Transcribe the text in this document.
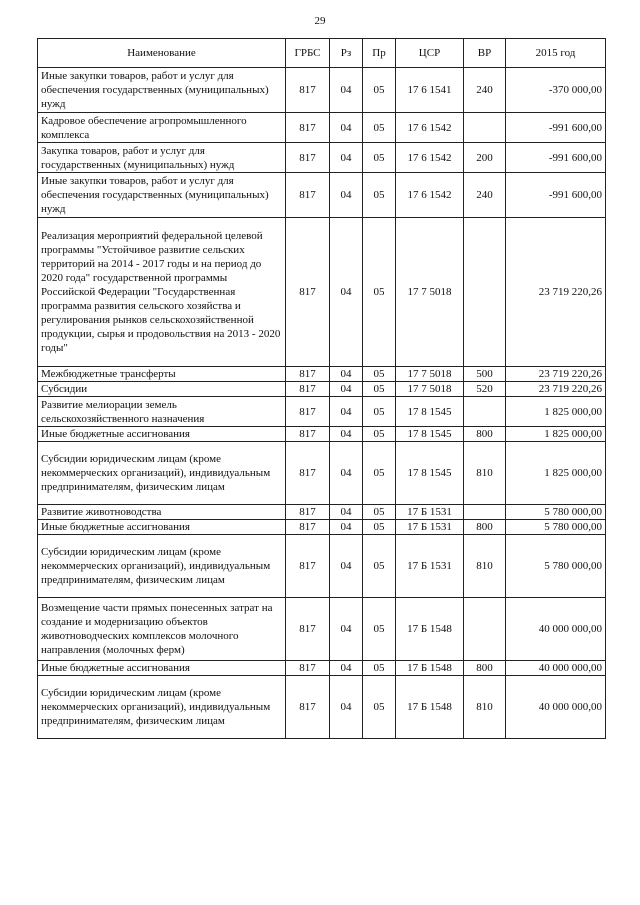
29
Наименование	ГРБС	Рз	Пр	ЦСР	ВР	2015 год
Иные закупки товаров, работ и услуг для обеспечения государственных (муниципальных) нужд	817	04	05	17 6 1541	240	-370 000,00
Кадровое обеспечение агропромышленного комплекса	817	04	05	17 6 1542		-991 600,00
Закупка товаров, работ и услуг для государственных (муниципальных) нужд	817	04	05	17 6 1542	200	-991 600,00
Иные закупки товаров, работ и услуг для обеспечения государственных (муниципальных) нужд	817	04	05	17 6 1542	240	-991 600,00
Реализация мероприятий федеральной целевой программы "Устойчивое развитие сельских территорий на 2014 - 2017 годы и на период до 2020 года" государственной программы Российской Федерации "Государственная программа развития сельского хозяйства и регулирования рынков сельскохозяйственной продукции, сырья и продовольствия на 2013 - 2020 годы"	817	04	05	17 7 5018		23 719 220,26
Межбюджетные трансферты	817	04	05	17 7 5018	500	23 719 220,26
Субсидии	817	04	05	17 7 5018	520	23 719 220,26
Развитие мелиорации земель сельскохозяйственного назначения	817	04	05	17 8 1545		1 825 000,00
Иные бюджетные ассигнования	817	04	05	17 8 1545	800	1 825 000,00
Субсидии юридическим лицам (кроме некоммерческих организаций), индивидуальным предпринимателям, физическим лицам	817	04	05	17 8 1545	810	1 825 000,00
Развитие животноводства	817	04	05	17 Б 1531		5 780 000,00
Иные бюджетные ассигнования	817	04	05	17 Б 1531	800	5 780 000,00
Субсидии юридическим лицам (кроме некоммерческих организаций), индивидуальным предпринимателям, физическим лицам	817	04	05	17 Б 1531	810	5 780 000,00
Возмещение части прямых понесенных затрат на создание и модернизацию объектов животноводческих комплексов молочного направления (молочных ферм)	817	04	05	17 Б 1548		40 000 000,00
Иные бюджетные ассигнования	817	04	05	17 Б 1548	800	40 000 000,00
Субсидии юридическим лицам (кроме некоммерческих организаций), индивидуальным предпринимателям, физическим лицам	817	04	05	17 Б 1548	810	40 000 000,00
